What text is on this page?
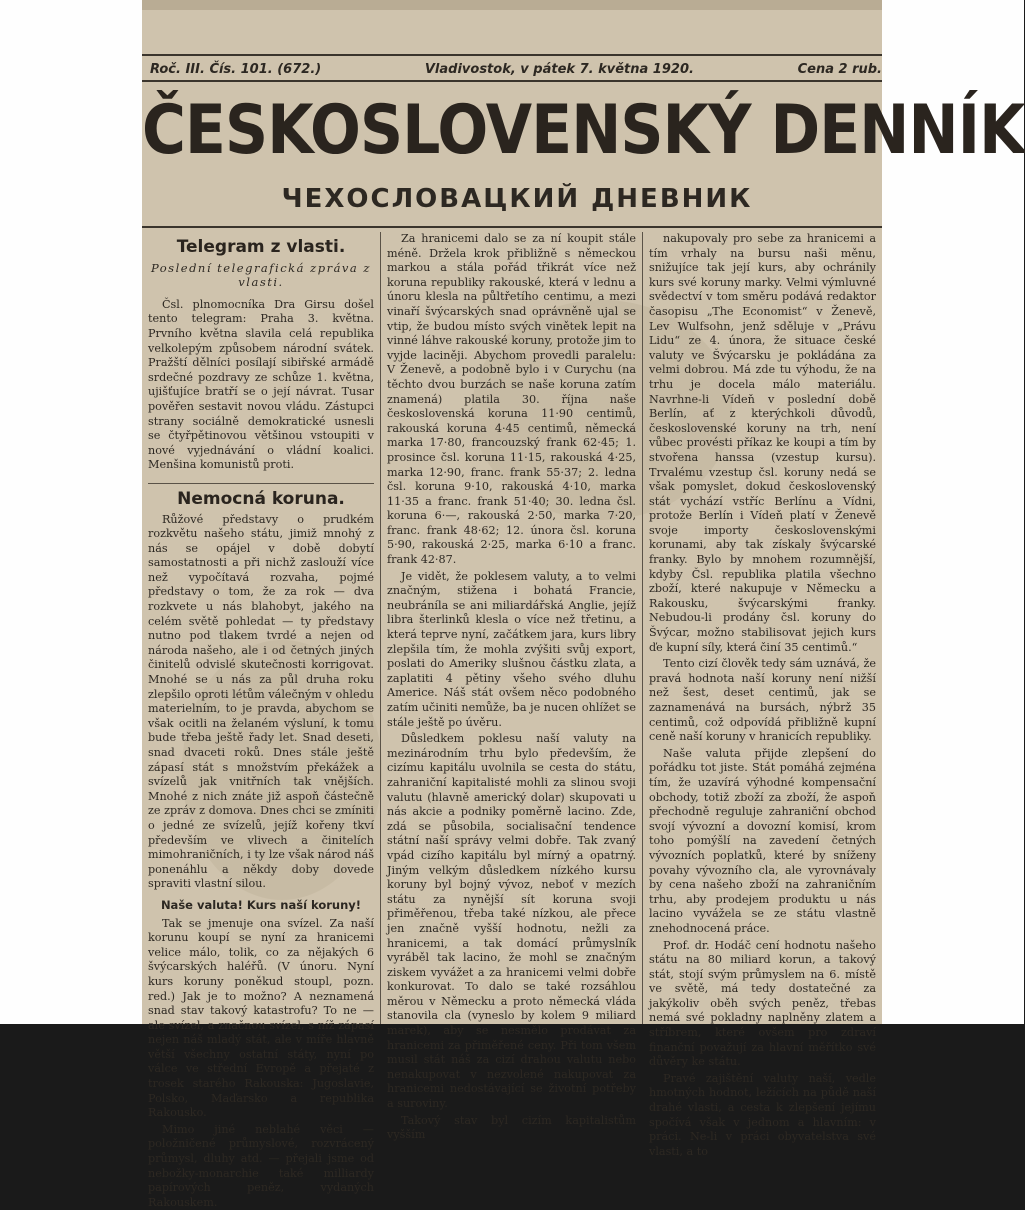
Roč. III. Čís. 101. (672.)	Vladivostok, v pátek 7. května 1920.	Cena 2 rub.
ČESKOSLOVENSKÝ DENNÍK
ЧЕХОСЛОВАЦКИЙ ДНЕВНИК
Telegram z vlasti.

Poslední telegrafická zpráva z vlasti.

Čsl. plnomocníka Dra Girsu došel tento telegram: Praha 3. května. Prvního května slavila celá republika velkolepým způsobem národní svátek. Pražští dělníci posílají sibiřské armádě srdečné pozdravy ze schůze 1. května, ujišťujíce bratří se o její návrat. Tusar pověřen sestavit novou vládu. Zástupci strany sociálně demokratické usnesli se čtyřpětinovou většinou vstoupiti v nové vyjednávání o vládní koalici. Menšina komunistů proti.

Nemocná koruna.

Růžové představy o prudkém rozkvětu našeho státu, jimiž mnohý z nás se opájel v době dobytí samostatnosti a při nichž zaslouží více než vypočítavá rozvaha, pojmé představy o tom, že za rok — dva rozkvete u nás blahobyt, jakého na celém světě pohledat — ty představy nutno pod tlakem tvrdé a nejen od národa našeho, ale i od četných jiných činitelů odvislé skutečnosti korrigovat. Mnohé se u nás za půl druha roku zlepšilo oproti létům válečným v ohledu materielním, to je pravda, abychom se však ocitli na želaném výsluní, k tomu bude třeba ještě řady let. Snad deseti, snad dvaceti roků. Dnes stále ještě zápasí stát s množstvím překážek a svízelů jak vnitřních tak vnějších. Mnohé z nich znáte již aspoň částečně ze zpráv z domova. Dnes chci se zmíniti o jedné ze svízelů, jejíž kořeny tkví především ve vlivech a činitelích mimohraničních, i ty lze však národ náš ponenáhlu a někdy doby dovede spraviti vlastní silou.

Naše valuta! Kurs naší koruny!

Tak se jmenuje ona svízel. Za naší korunu koupí se nyní za hranicemi velice málo, tolik, co za nějakých 6 švýcarských haléřů. (V únoru. Nyní kurs koruny poněkud stoupl, pozn. red.) Jak je to možno? A neznamená snad stav takový katastrofu? To ne — ale svízel, a značnou svízel, s níž zápasí nejen náš mladý stát, ale v míře hlavně větší všechny ostatní státy, nyní po válce ve střední Evropě a přejaté z trosek starého Rakouska: Jugoslavie, Polsko, Maďarsko a republika Rakousko.

Mimo jiné neblahé věci — položničené průmyslové, rozvrácený průmysl, dluhy atd. — přejali jsme od nebožky-monarchie také milliardy papírových peněz, vydaných Rakouskem.

Za hranicemi dalo se za ní koupit stále méně. Držela krok přibližně s německou markou a stála pořád třikrát více než koruna republiky rakouské, která v lednu a únoru klesla na půltřetího centimu, a mezi vinaří švýcarských snad oprávněně ujal se vtip, že budou místo svých vinětek lepit na vinné láhve rakouské koruny, protože jim to vyjde laciněji. Abychom provedli paralelu: V Ženevě, a podobně bylo i v Curychu (na těchto dvou burzách se naše koruna zatím znamená) platila 30. října naše československá koruna 11·90 centimů, rakouská koruna 4·45 centimů, německá marka 17·80, francouzský frank 62·45; 1. prosince čsl. koruna 11·15, rakouská 4·25, marka 12·90, franc. frank 55·37; 2. ledna čsl. koruna 9·10, rakouská 4·10, marka 11·35 a franc. frank 51·40; 30. ledna čsl. koruna 6·—, rakouská 2·50, marka 7·20, franc. frank 48·62; 12. února čsl. koruna 5·90, rakouská 2·25, marka 6·10 a franc. frank 42·87.

Je vidět, že poklesem valuty, a to velmi značným, stižena i bohatá Francie, neubráníla se ani miliardářská Anglie, jejíž libra šterlinků klesla o více než třetinu, a která teprve nyní, začátkem jara, kurs libry zlepšila tím, že mohla zvýšiti svůj export, poslati do Ameriky slušnou částku zlata, a zaplatiti 4 pětiny všeho svého dluhu Americe. Náš stát ovšem něco podobného zatím učiniti nemůže, ba je nucen ohlížet se stále ještě po úvěru.

Důsledkem poklesu naší valuty na mezinárodním trhu bylo především, že cizímu kapitálu uvolnila se cesta do státu, zahraniční kapitalisté mohli za slinou svoji valutu (hlavně americký dolar) skupovati u nás akcie a podniky poměrně lacino. Zde, zdá se působila, socialisační tendence státní naší správy velmi dobře. Tak zvaný vpád cizího kapitálu byl mírný a opatrný. Jiným velkým důsledkem nízkého kursu koruny byl bojný vývoz, neboť v mezích státu za nynější sít koruna svoji přiměřenou, třeba také nízkou, ale přece jen značně vyšší hodnotu, nežli za hranicemi, a tak domácí průmyslník vyráběl tak lacino, že mohl se značným ziskem vyvážet a za hranicemi velmi dobře konkurovat. To dalo se také rozsáhlou měrou v Německu a proto německá vláda stanovila cla (vyneslo by kolem 9 miliard marek), aby se nesmělo prodávat za hranicemi za přiměřené ceny. Při tom všem musil stát náš za cizí drahou valutu nebo nenakupovat v nezvolené nakupovat za hranicemi nedostávající se životní potřeby a suroviny.

Takový stav byl cizím kapitalistům vyšším

nakupovaly pro sebe za hranicemi a tím vrhaly na bursu naši měnu, snižujíce tak její kurs, aby ochránily kurs své koruny marky. Velmi výmluvné svědectví v tom směru podává redaktor časopisu „The Economist“ v Ženevě, Lev Wulfsohn, jenž sděluje v „Právu Lidu“ ze 4. února, že situace české valuty ve Švýcarsku je pokládána za velmi dobrou. Má zde tu výhodu, že na trhu je docela málo materiálu. Navrhne-li Vídeň v poslední době Berlín, ať z kterýchkoli důvodů, československé koruny na trh, není vůbec provésti příkaz ke koupi a tím by stvořena hanssa (vzestup kursu). Trvalému vzestup čsl. koruny nedá se však pomyslet, dokud československý stát vychází vstříc Berlínu a Vídni, protože Berlín i Vídeň platí v Ženevě svoje importy československými korunami, aby tak získaly švýcarské franky. Bylo by mnohem rozumnější, kdyby Čsl. republika platila všechno zboží, které nakupuje v Německu a Rakousku, švýcarskými franky. Nebudou-li prodány čsl. koruny do Švýcar, možno stabilisovat jejich kurs ďe kupní síly, která činí 35 centimů.“

Tento cizí člověk tedy sám uznává, že pravá hodnota naší koruny není nižší než šest, deset centimů, jak se zaznamenává na bursách, nýbrž 35 centimů, což odpovídá přibližně kupní ceně naší koruny v hranicích republiky.

Naše valuta přijde zlepšení do pořádku tot jiste. Stát pomáhá zejména tím, že uzavírá výhodné kompensační obchody, totiž zboží za zboží, že aspoň přechodně reguluje zahraniční obchod svojí vývozní a dovozní komisí, krom toho pomýšlí na zavedení četných vývozních poplatků, které by sníženy povahy vývozního cla, ale vyrovnávaly by cena našeho zboží na zahraničním trhu, aby prodejem produktu u nás lacino vyvážela se ze státu vlastně znehodnocená práce.

Prof. dr. Hodáč cení hodnotu našeho státu na 80 miliard korun, a takový stát, stojí svým průmyslem na 6. místě ve světě, má tedy dostatečné za jakýkoliv oběh svých peněz, třebas nemá své pokladny naplněny zlatem a stříbrem, které ovšem pro zdraví finanční považují za hlavní měřítko své důvěry ke státu.

Pravé zajištění valuty naší, vedle hmotných hodnot, ležících na půdě naší drahé vlasti, a cesta k zlepšení jejímu spočívá však v jednom a hlavním: v práci. Ne-li v práci obyvatelstva své vlasti, a to
